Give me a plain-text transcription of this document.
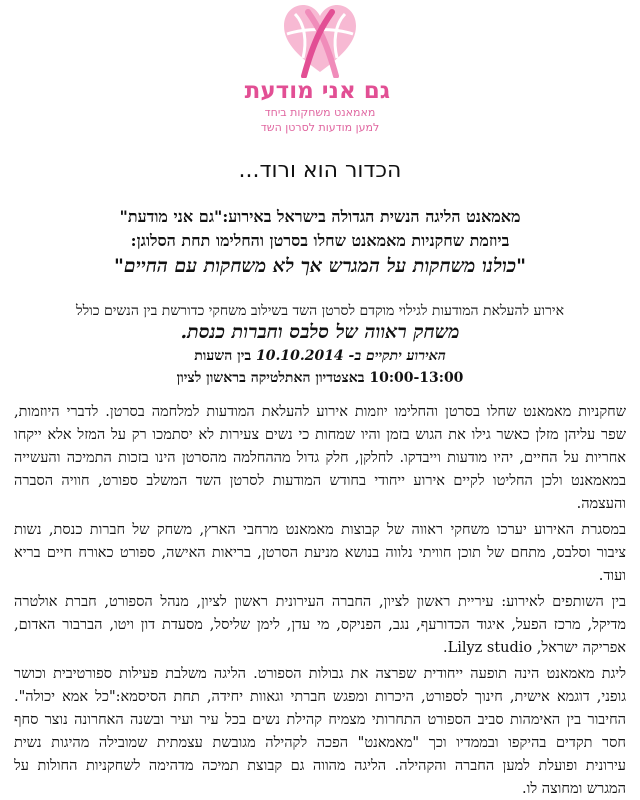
גם אני מודעת
מאמאנט משחקות ביחד
למען מודעות לסרטן השד
הכדור הוא ורוד...
מאמאנט הליגה הנשית הגדולה בישראל באירוע:"גם אני מודעת"
ביוזמת שחקניות מאמאנט שחלו בסרטן והחלימו תחת הסלוגן:
"כולנו משחקות על המגרש אך לא משחקות עם החיים"
אירוע להעלאת המודעות לגילוי מוקדם לסרטן השד בשילוב משחקי כדורשת בין הנשים כולל
משחק ראווה של סלבס וחברות כנסת.
האירוע יתקיים ב- 10.10.2014 בין השעות
10:00-13:00 באצטדיון האתלטיקה בראשון לציון
שחקניות מאמאנט שחלו בסרטן והחלימו יוזמות אירוע להעלאת המודעות למלחמה בסרטן. לדברי היוזמות,
שפר עליהן מזלן כאשר גילו את הגוש בזמן והיו שמחות כי נשים צעירות לא יסתמכו רק על המזל אלא ייקחו
אחריות על החיים, יהיו מודעות וייבדקו. לחלקן, חלק גדול מההחלמה מהסרטן הינו בזכות התמיכה והעשייה
במאמאנט ולכן החליטו לקיים אירוע ייחודי בחודש המודעות לסרטן השד המשלב ספורט, חוויה הסברה
והעצמה.
במסגרת האירוע יערכו משחקי ראווה של קבוצות מאמאנט מרחבי הארץ, משחק של חברות כנסת, נשות
ציבור וסלבס, מתחם של תוכן חוויתי נלווה בנושא מניעת הסרטן, בריאות האישה, ספורט כאורח חיים בריא
ועוד.
בין השותפים לאירוע: עיריית ראשון לציון, החברה העירונית ראשון לציון, מנהל הספורט, חברת אולטרה
מדיקל, מרכז הפעל, איגוד הכדורעף, נגב, הפניקס, מי עדן, לימן שליסל, מסעדת דון ויטו, הברבור האדום,
אפריקה ישראל, Lilyz studio.
ליגת מאמאנט הינה תופעה ייחודית שפרצה את גבולות הספורט. הליגה משלבת פעילות ספורטיבית וכושר
גופני, דוגמא אישית, חינוך לספורט, היכרות ומפגש חברתי וגאוות יחידה, תחת הסיסמא:"כל אמא יכולה".
החיבור בין האימהות סביב הספורט התחרותי מצמיח קהילת נשים בכל עיר ועיר ובשנה האחרונה נוצר סחף
חסר תקדים בהיקפו ובממדיו וכך "מאמאנט" הפכה לקהילה מגובשת עצמתית שמובילה מהיגות נשית
עירונית ופועלת למען החברה והקהילה. הליגה מהווה גם קבוצת תמיכה מדהימה לשחקניות החולות על
המגרש ומחוצה לו.
